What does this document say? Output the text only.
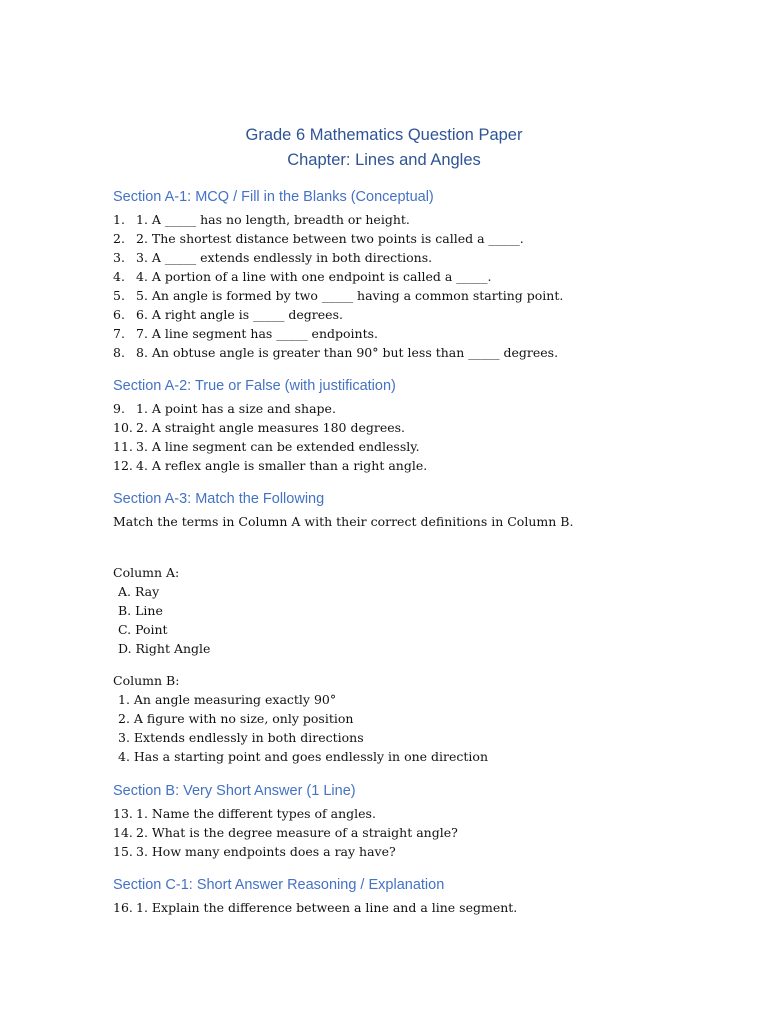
Grade 6 Mathematics Question Paper
Chapter: Lines and Angles
Section A-1: MCQ / Fill in the Blanks (Conceptual)
1. 1. A _____ has no length, breadth or height.
2. 2. The shortest distance between two points is called a _____.
3. 3. A _____ extends endlessly in both directions.
4. 4. A portion of a line with one endpoint is called a _____.
5. 5. An angle is formed by two _____ having a common starting point.
6. 6. A right angle is _____ degrees.
7. 7. A line segment has _____ endpoints.
8. 8. An obtuse angle is greater than 90° but less than _____ degrees.
Section A-2: True or False (with justification)
9. 1. A point has a size and shape.
10. 2. A straight angle measures 180 degrees.
11. 3. A line segment can be extended endlessly.
12. 4. A reflex angle is smaller than a right angle.
Section A-3: Match the Following
Match the terms in Column A with their correct definitions in Column B.
Column A:
A. Ray
B. Line
C. Point
D. Right Angle
Column B:
1. An angle measuring exactly 90°
2. A figure with no size, only position
3. Extends endlessly in both directions
4. Has a starting point and goes endlessly in one direction
Section B: Very Short Answer (1 Line)
13. 1. Name the different types of angles.
14. 2. What is the degree measure of a straight angle?
15. 3. How many endpoints does a ray have?
Section C-1: Short Answer Reasoning / Explanation
16. 1. Explain the difference between a line and a line segment.
